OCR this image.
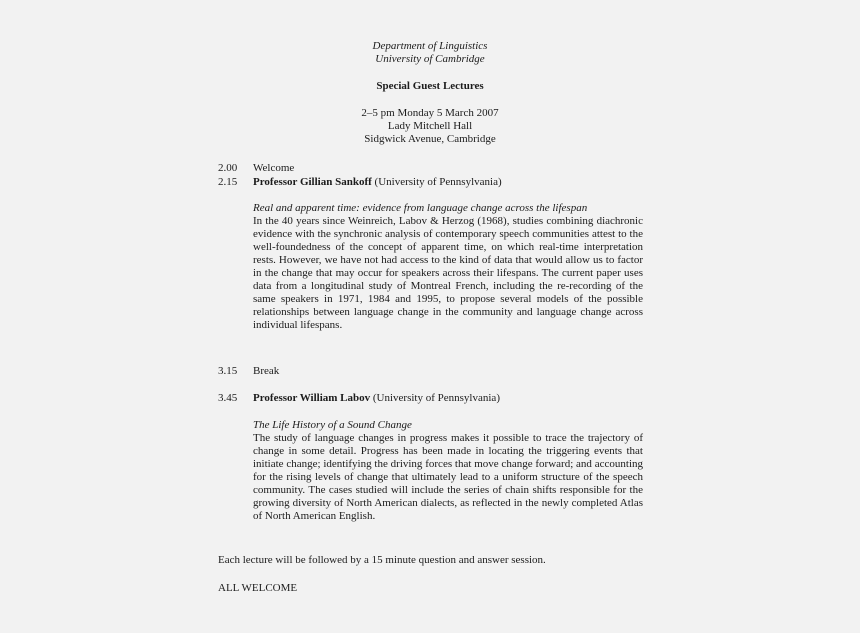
Department of Linguistics
University of Cambridge
Special Guest Lectures
2–5 pm Monday 5 March 2007
Lady Mitchell Hall
Sidgwick Avenue, Cambridge
2.00 Welcome
2.15 Professor Gillian Sankoff (University of Pennsylvania)
Real and apparent time: evidence from language change across the lifespan
In the 40 years since Weinreich, Labov & Herzog (1968), studies combining diachronic evidence with the synchronic analysis of contemporary speech communities attest to the well-foundedness of the concept of apparent time, on which real-time interpretation rests. However, we have not had access to the kind of data that would allow us to factor in the change that may occur for speakers across their lifespans. The current paper uses data from a longitudinal study of Montreal French, including the re-recording of the same speakers in 1971, 1984 and 1995, to propose several models of the possible relationships between language change in the community and language change across individual lifespans.
3.15 Break
3.45 Professor William Labov (University of Pennsylvania)
The Life History of a Sound Change
The study of language changes in progress makes it possible to trace the trajectory of change in some detail. Progress has been made in locating the triggering events that initiate change; identifying the driving forces that move change forward; and accounting for the rising levels of change that ultimately lead to a uniform structure of the speech community. The cases studied will include the series of chain shifts responsible for the growing diversity of North American dialects, as reflected in the newly completed Atlas of North American English.
Each lecture will be followed by a 15 minute question and answer session.
ALL WELCOME
